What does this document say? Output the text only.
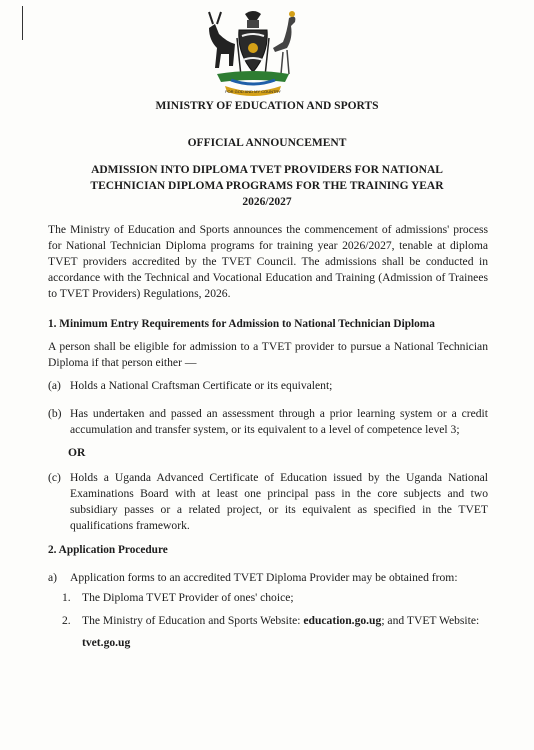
FOR GOD AND MY COUNTRY
MINISTRY OF EDUCATION AND SPORTS
OFFICIAL ANNOUNCEMENT
ADMISSION INTO DIPLOMA TVET PROVIDERS FOR NATIONAL
TECHNICIAN DIPLOMA PROGRAMS FOR THE TRAINING YEAR
2026/2027
The Ministry of Education and Sports announces the commencement of admissions' process for National Technician Diploma programs for training year 2026/2027, tenable at diploma TVET providers accredited by the TVET Council. The admissions shall be conducted in accordance with the Technical and Vocational Education and Training (Admission of Trainees to TVET Providers) Regulations, 2026.
1. Minimum Entry Requirements for Admission to National Technician Diploma
A person shall be eligible for admission to a TVET provider to pursue a National Technician Diploma if that person either —
(a) Holds a National Craftsman Certificate or its equivalent;
(b) Has undertaken and passed an assessment through a prior learning system or a credit accumulation and transfer system, or its equivalent to a level of competence level 3;
OR
(c) Holds a Uganda Advanced Certificate of Education issued by the Uganda National Examinations Board with at least one principal pass in the core subjects and two subsidiary passes or a related project, or its equivalent as specified in the TVET qualifications framework.
2. Application Procedure
a)	Application forms to an accredited TVET Diploma Provider may be obtained from:
1. The Diploma TVET Provider of ones' choice;
2. The Ministry of Education and Sports Website: education.go.ug; and TVET Website: tvet.go.ug
